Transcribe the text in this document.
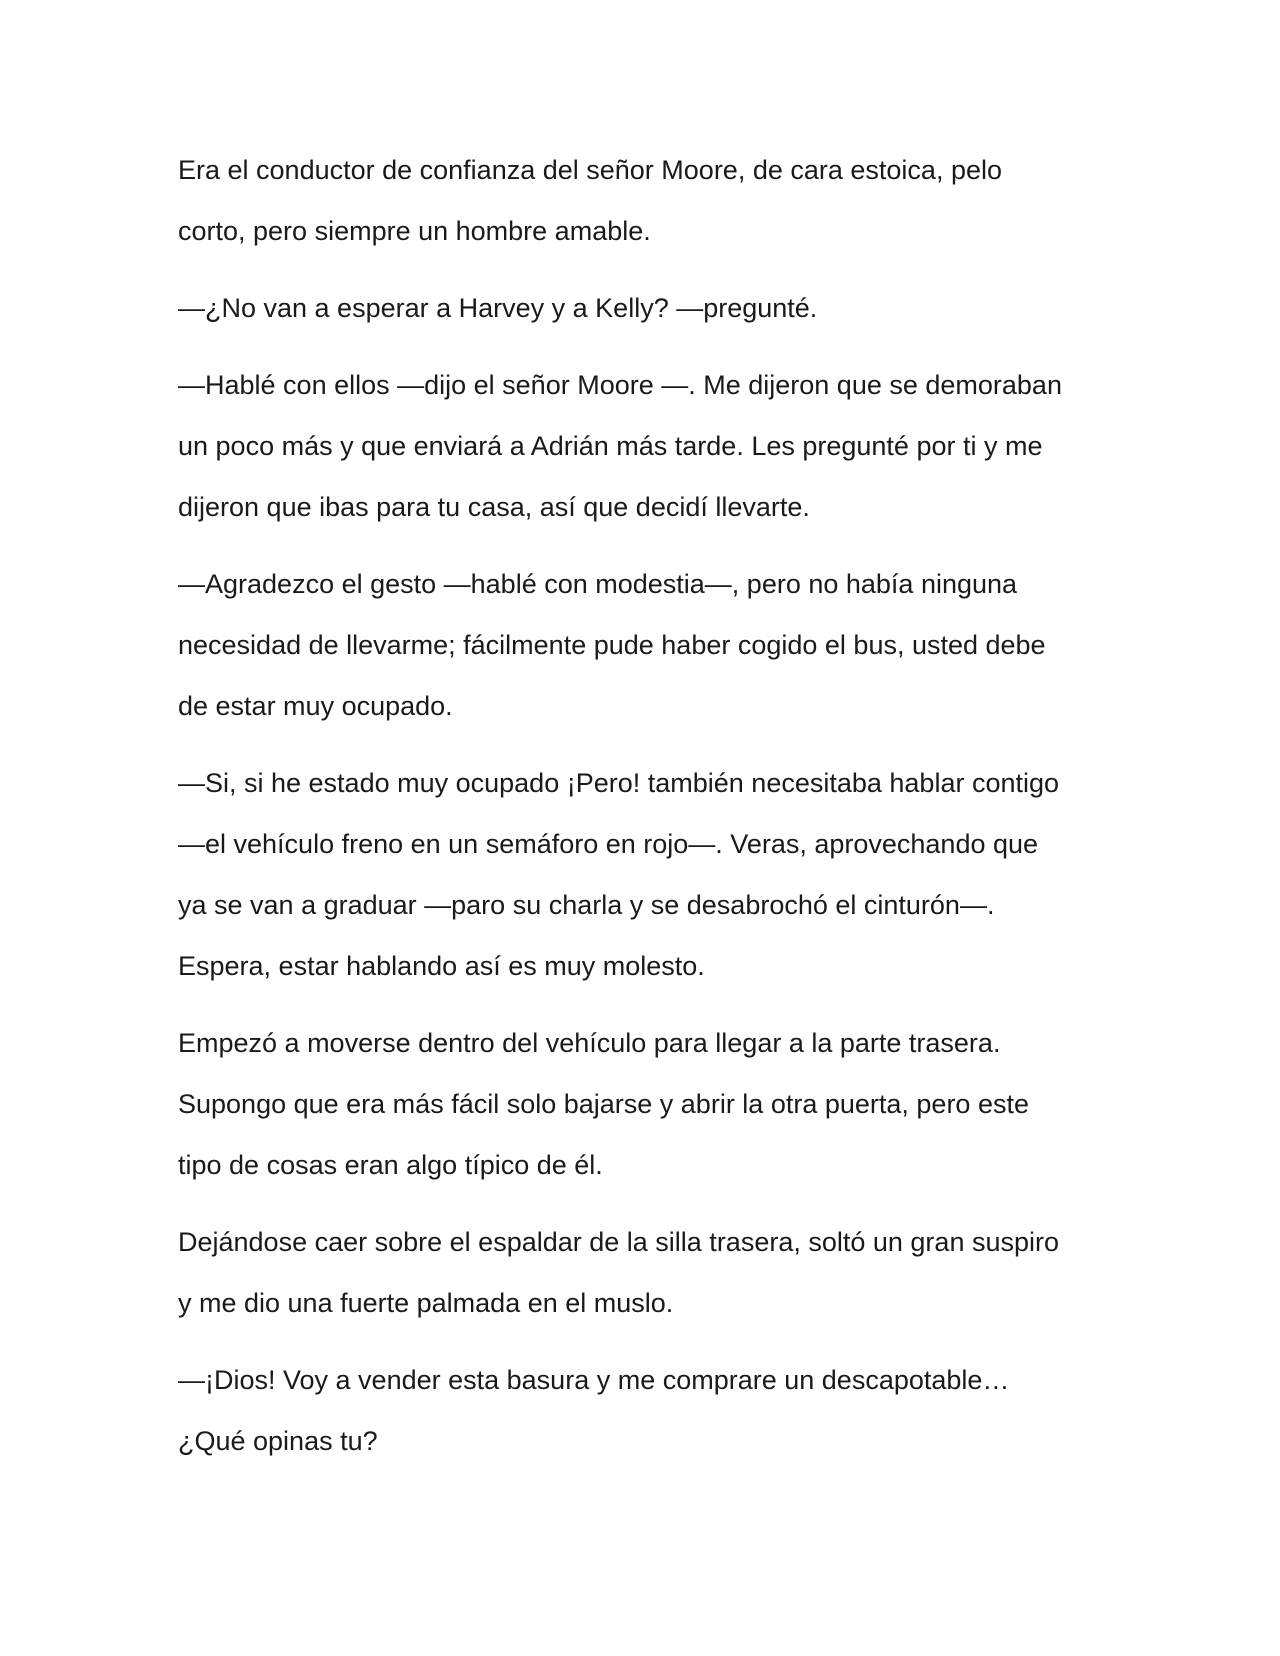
Era el conductor de confianza del señor Moore, de cara estoica, pelo
corto, pero siempre un hombre amable.

—¿No van a esperar a Harvey y a Kelly? —pregunté.

—Hablé con ellos —dijo el señor Moore —. Me dijeron que se demoraban
un poco más y que enviará a Adrián más tarde. Les pregunté por ti y me
dijeron que ibas para tu casa, así que decidí llevarte.

—Agradezco el gesto —hablé con modestia—, pero no había ninguna
necesidad de llevarme; fácilmente pude haber cogido el bus, usted debe
de estar muy ocupado.

—Si, si he estado muy ocupado ¡Pero! también necesitaba hablar contigo
—el vehículo freno en un semáforo en rojo—. Veras, aprovechando que
ya se van a graduar —paro su charla y se desabrochó el cinturón—.
Espera, estar hablando así es muy molesto.

Empezó a moverse dentro del vehículo para llegar a la parte trasera.
Supongo que era más fácil solo bajarse y abrir la otra puerta, pero este
tipo de cosas eran algo típico de él.

Dejándose caer sobre el espaldar de la silla trasera, soltó un gran suspiro
y me dio una fuerte palmada en el muslo.

—¡Dios! Voy a vender esta basura y me comprare un descapotable…
¿Qué opinas tu?
